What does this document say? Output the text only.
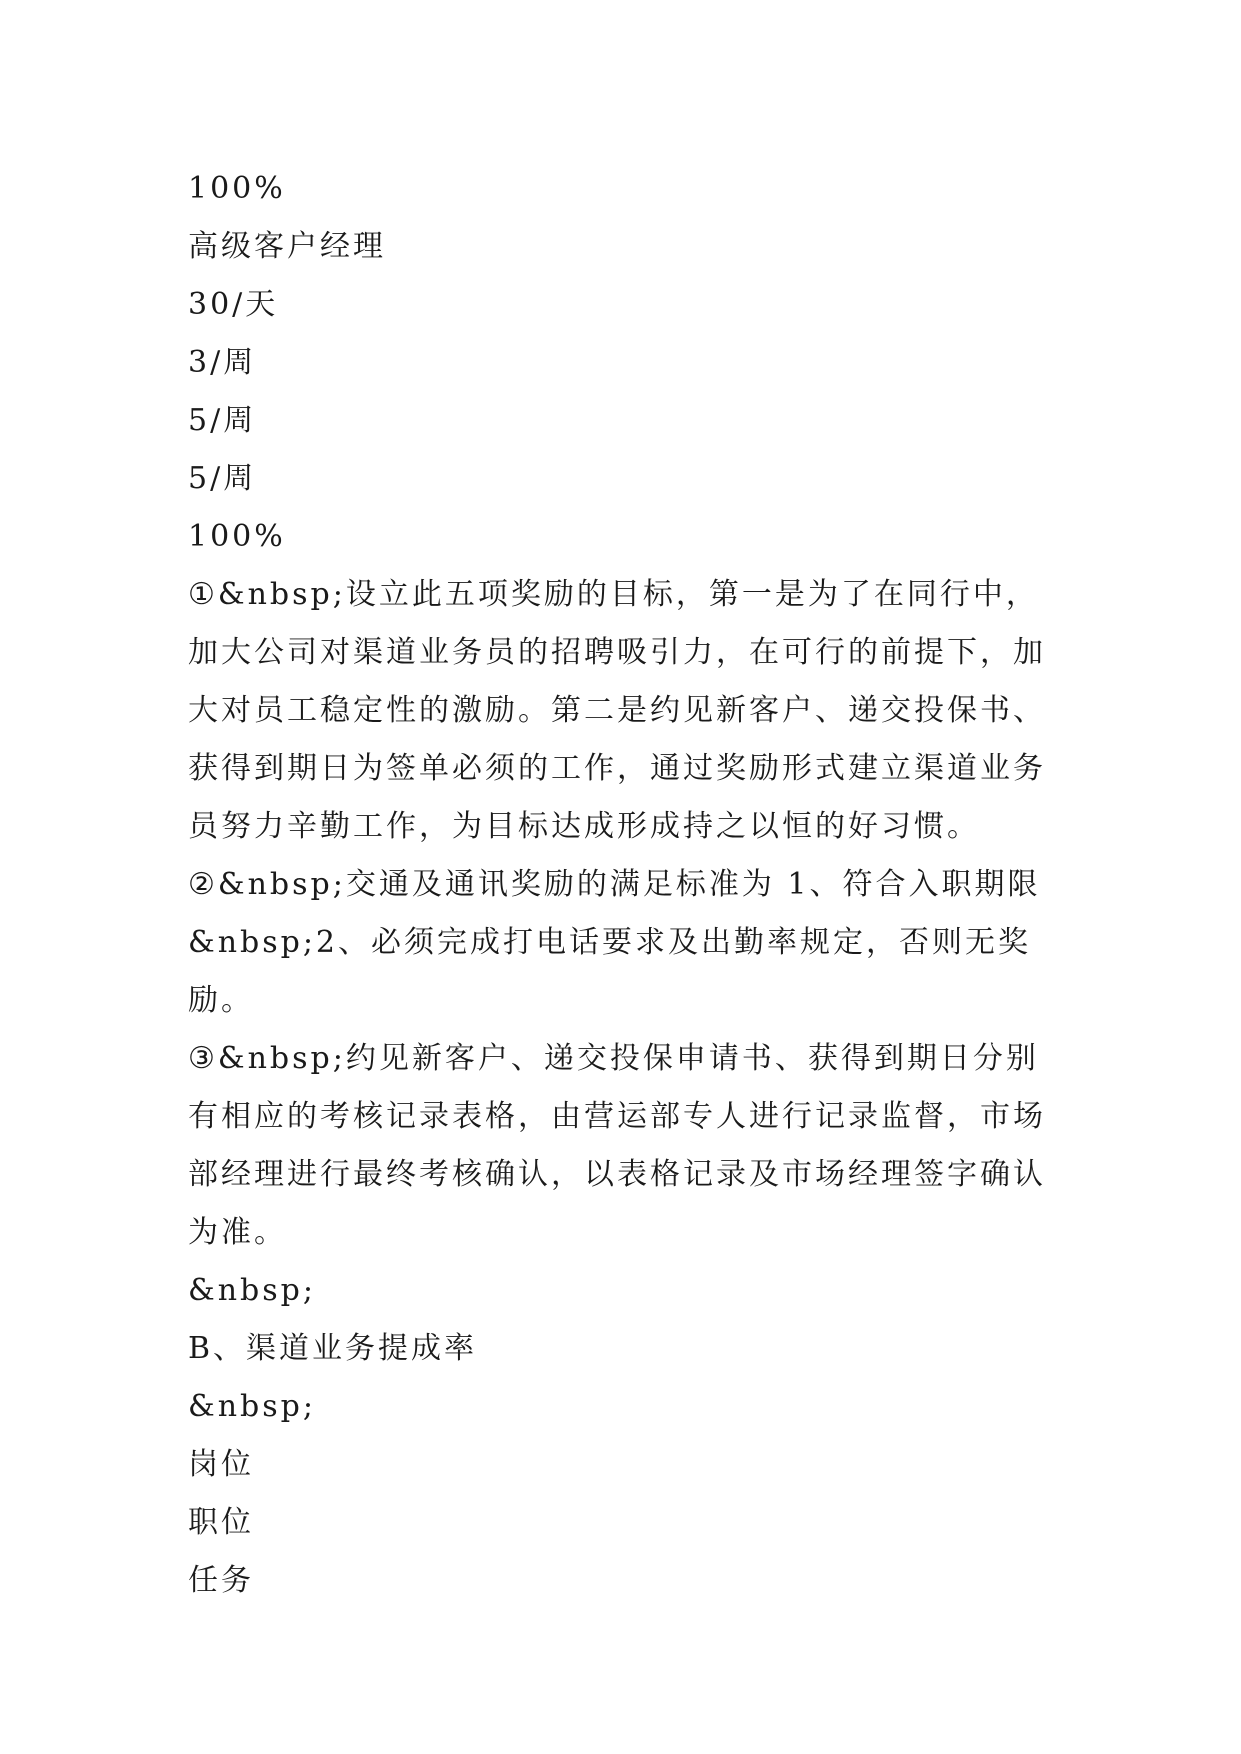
100%

高级客户经理

30/天

3/周

5/周

5/周

100%

①&nbsp;设立此五项奖励的目标，第一是为了在同行中，加大公司对渠道业务员的招聘吸引力，在可行的前提下，加大对员工稳定性的激励。第二是约见新客户、递交投保书、获得到期日为签单必须的工作，通过奖励形式建立渠道业务员努力辛勤工作，为目标达成形成持之以恒的好习惯。

②&nbsp;交通及通讯奖励的满足标准为 1、符合入职期限&nbsp;2、必须完成打电话要求及出勤率规定，否则无奖励。

③&nbsp;约见新客户、递交投保申请书、获得到期日分别有相应的考核记录表格，由营运部专人进行记录监督，市场部经理进行最终考核确认，以表格记录及市场经理签字确认为准。

&nbsp;

B、渠道业务提成率

&nbsp;

岗位

职位

任务
